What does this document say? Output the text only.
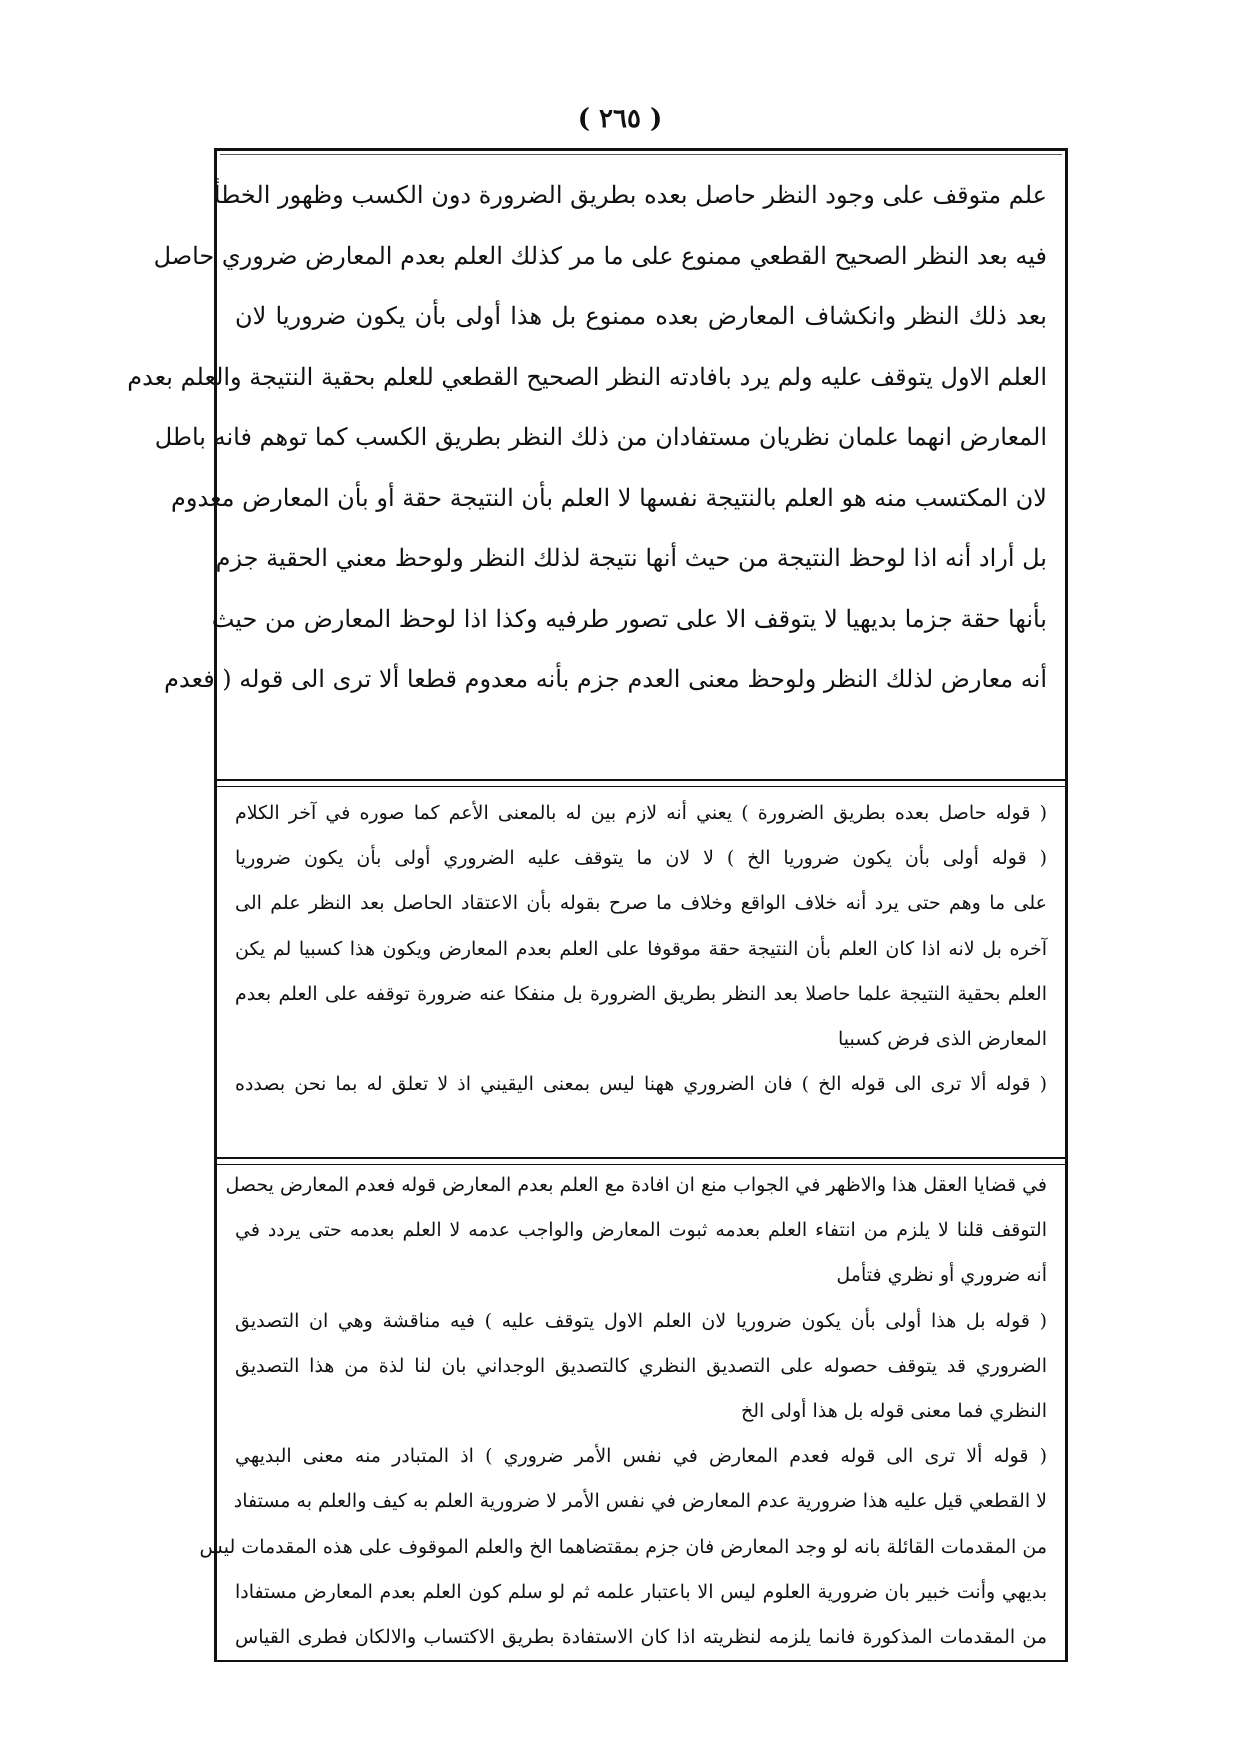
( ٢٦٥ )
علم متوقف على وجود النظر حاصل بعده بطريق الضرورة دون الكسب وظهور الخطأ
فيه بعد النظر الصحيح القطعي ممنوع على ما مر كذلك العلم بعدم المعارض ضروري حاصل
بعد ذلك النظر وانكشاف المعارض بعده ممنوع بل هذا أولى بأن يكون ضروريا لان
العلم الاول يتوقف عليه ولم يرد بافادته النظر الصحيح القطعي للعلم بحقية النتيجة والعلم بعدم
المعارض انهما علمان نظريان مستفادان من ذلك النظر بطريق الكسب كما توهم فانه باطل
لان المكتسب منه هو العلم بالنتيجة نفسها لا العلم بأن النتيجة حقة أو بأن المعارض معدوم
بل أراد أنه اذا لوحظ النتيجة من حيث أنها نتيجة لذلك النظر ولوحظ معني الحقية جزم
بأنها حقة جزما بديهيا لا يتوقف الا على تصور طرفيه وكذا اذا لوحظ المعارض من حيث
أنه معارض لذلك النظر ولوحظ معنى العدم جزم بأنه معدوم قطعا ألا ترى الى قوله ( فعدم
( قوله حاصل بعده بطريق الضرورة ) يعني أنه لازم بين له بالمعنى الأعم كما صوره في آخر الكلام
( قوله أولى بأن يكون ضروريا الخ ) لا لان ما يتوقف عليه الضروري أولى بأن يكون ضروريا
على ما وهم حتى يرد أنه خلاف الواقع وخلاف ما صرح بقوله بأن الاعتقاد الحاصل بعد النظر علم الى
آخره بل لانه اذا كان العلم بأن النتيجة حقة موقوفا على العلم بعدم المعارض ويكون هذا كسبيا لم يكن
العلم بحقية النتيجة علما حاصلا بعد النظر بطريق الضرورة بل منفكا عنه ضرورة توقفه على العلم بعدم
المعارض الذى فرض كسبيا
( قوله ألا ترى الى قوله الخ ) فان الضروري ههنا ليس بمعنى اليقيني اذ لا تعلق له بما نحن بصدده
في قضايا العقل هذا والاظهر في الجواب منع ان افادة مع العلم بعدم المعارض قوله فعدم المعارض يحصل
التوقف قلنا لا يلزم من انتفاء العلم بعدمه ثبوت المعارض والواجب عدمه لا العلم بعدمه حتى يردد في
أنه ضروري أو نظري فتأمل
( قوله بل هذا أولى بأن يكون ضروريا لان العلم الاول يتوقف عليه ) فيه مناقشة وهي ان التصديق
الضروري قد يتوقف حصوله على التصديق النظري كالتصديق الوجداني بان لنا لذة من هذا التصديق
النظري فما معنى قوله بل هذا أولى الخ
( قوله ألا ترى الى قوله فعدم المعارض في نفس الأمر ضروري ) اذ المتبادر منه معنى البديهي
لا القطعي قيل عليه هذا ضرورية عدم المعارض في نفس الأمر لا ضرورية العلم به كيف والعلم به مستفاد
من المقدمات القائلة بانه لو وجد المعارض فان جزم بمقتضاهما الخ والعلم الموقوف على هذه المقدمات ليس
بديهي وأنت خبير بان ضرورية العلوم ليس الا باعتبار علمه ثم لو سلم كون العلم بعدم المعارض مستفادا
من المقدمات المذكورة فانما يلزمه لنظريته اذا كان الاستفادة بطريق الاكتساب والالكان فطرى القياس
